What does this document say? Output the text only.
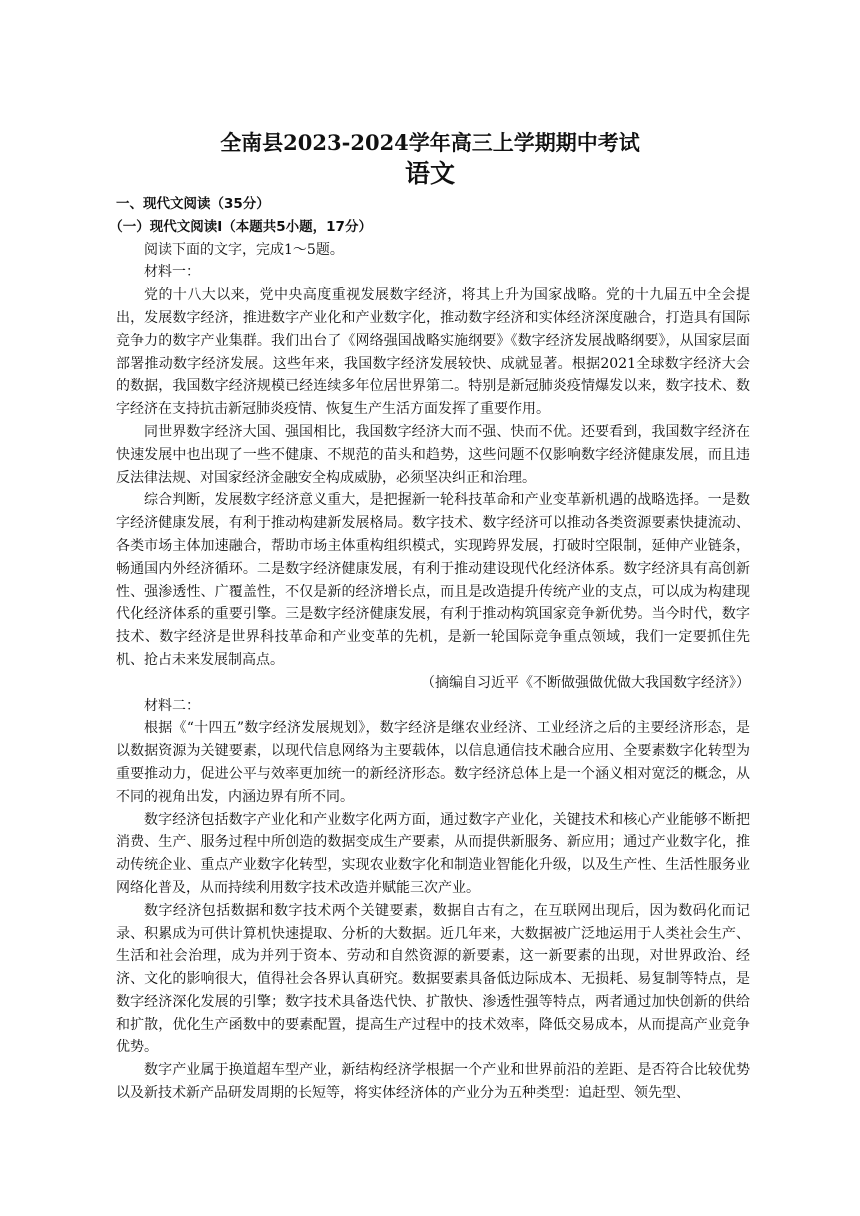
全南县2023-2024学年高三上学期期中考试
语文

一、现代文阅读（35分）

（一）现代文阅读Ⅰ（本题共5小题，17分）

阅读下面的文字，完成1～5题。

材料一：

党的十八大以来，党中央高度重视发展数字经济，将其上升为国家战略。党的十九届五中全会提出，发展数字经济，推进数字产业化和产业数字化，推动数字经济和实体经济深度融合，打造具有国际竞争力的数字产业集群。我们出台了《网络强国战略实施纲要》《数字经济发展战略纲要》，从国家层面部署推动数字经济发展。这些年来，我国数字经济发展较快、成就显著。根据2021全球数字经济大会的数据，我国数字经济规模已经连续多年位居世界第二。特别是新冠肺炎疫情爆发以来，数字技术、数字经济在支持抗击新冠肺炎疫情、恢复生产生活方面发挥了重要作用。

同世界数字经济大国、强国相比，我国数字经济大而不强、快而不优。还要看到，我国数字经济在快速发展中也出现了一些不健康、不规范的苗头和趋势，这些问题不仅影响数字经济健康发展，而且违反法律法规、对国家经济金融安全构成威胁，必须坚决纠正和治理。

综合判断，发展数字经济意义重大，是把握新一轮科技革命和产业变革新机遇的战略选择。一是数字经济健康发展，有利于推动构建新发展格局。数字技术、数字经济可以推动各类资源要素快捷流动、各类市场主体加速融合，帮助市场主体重构组织模式，实现跨界发展，打破时空限制，延伸产业链条，畅通国内外经济循环。二是数字经济健康发展，有利于推动建设现代化经济体系。数字经济具有高创新性、强渗透性、广覆盖性，不仅是新的经济增长点，而且是改造提升传统产业的支点，可以成为构建现代化经济体系的重要引擎。三是数字经济健康发展，有利于推动构筑国家竞争新优势。当今时代，数字技术、数字经济是世界科技革命和产业变革的先机，是新一轮国际竞争重点领域，我们一定要抓住先机、抢占未来发展制高点。

（摘编自习近平《不断做强做优做大我国数字经济》）

材料二：

根据《“十四五”数字经济发展规划》，数字经济是继农业经济、工业经济之后的主要经济形态，是以数据资源为关键要素，以现代信息网络为主要载体，以信息通信技术融合应用、全要素数字化转型为重要推动力，促进公平与效率更加统一的新经济形态。数字经济总体上是一个涵义相对宽泛的概念，从不同的视角出发，内涵边界有所不同。

数字经济包括数字产业化和产业数字化两方面，通过数字产业化，关键技术和核心产业能够不断把消费、生产、服务过程中所创造的数据变成生产要素，从而提供新服务、新应用；通过产业数字化，推动传统企业、重点产业数字化转型，实现农业数字化和制造业智能化升级，以及生产性、生活性服务业网络化普及，从而持续利用数字技术改造并赋能三次产业。

数字经济包括数据和数字技术两个关键要素，数据自古有之，在互联网出现后，因为数码化而记录、积累成为可供计算机快速提取、分析的大数据。近几年来，大数据被广泛地运用于人类社会生产、生活和社会治理，成为并列于资本、劳动和自然资源的新要素，这一新要素的出现，对世界政治、经济、文化的影响很大，值得社会各界认真研究。数据要素具备低边际成本、无损耗、易复制等特点，是数字经济深化发展的引擎；数字技术具备迭代快、扩散快、渗透性强等特点，两者通过加快创新的供给和扩散，优化生产函数中的要素配置，提高生产过程中的技术效率，降低交易成本，从而提高产业竞争优势。

数字产业属于换道超车型产业，新结构经济学根据一个产业和世界前沿的差距、是否符合比较优势以及新技术新产品研发周期的长短等，将实体经济体的产业分为五种类型：追赶型、领先型、
